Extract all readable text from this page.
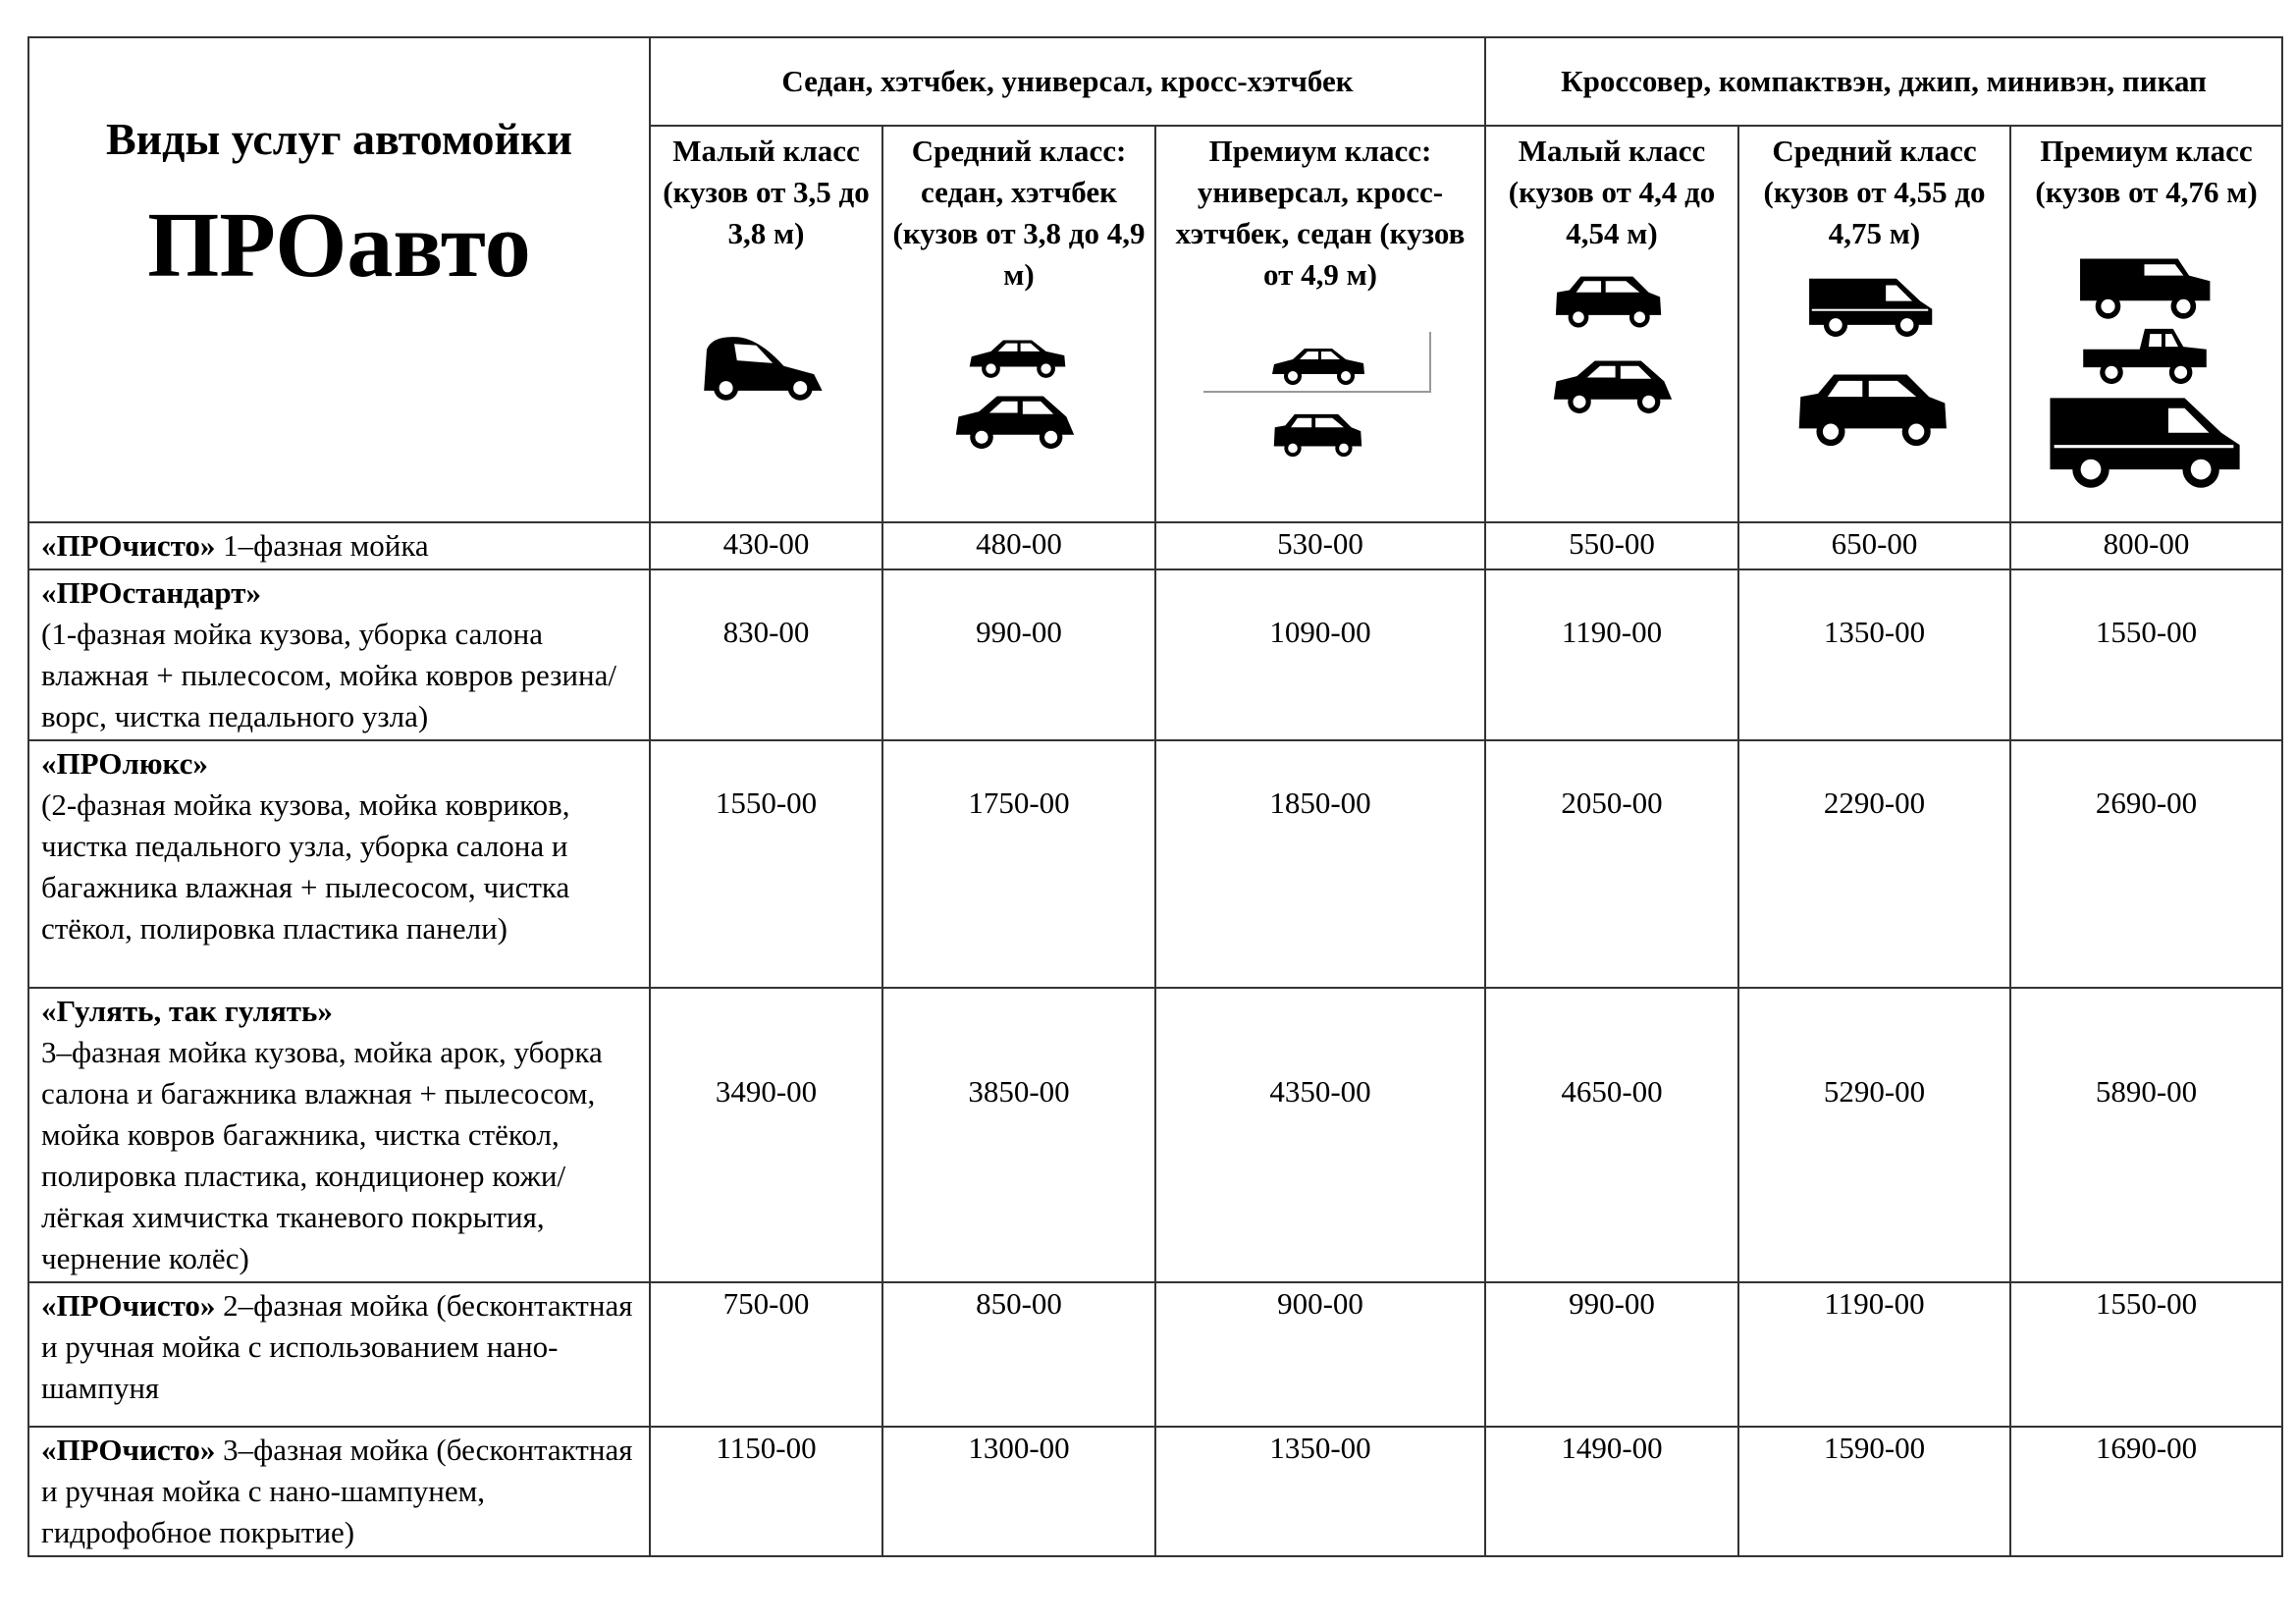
Виды услуг автомойки
ПРОавто	Седан, хэтчбек, универсал, кросс-хэтчбек			Кроссовер, компактвэн, джип, минивэн, пикап		
	Малый класс (кузов от 3,5 до 3,8 м)	Средний класс: седан, хэтчбек (кузов от 3,8 до 4,9 м)	Премиум класс: универсал, кросс-хэтчбек, седан (кузов от 4,9 м)	Малый класс (кузов от 4,4 до 4,54 м)	Средний класс (кузов от 4,55 до 4,75 м)	Премиум класс (кузов от 4,76 м)
«ПРОчисто» 1–фазная мойка	430-00	480-00	530-00	550-00	650-00	800-00
«ПРОстандарт»
(1-фазная мойка кузова, уборка салона влажная + пылесосом, мойка ковров резина/ворс, чистка педального узла)	830-00	990-00	1090-00	1190-00	1350-00	1550-00
«ПРОлюкс»
(2-фазная мойка кузова, мойка ковриков, чистка педального узла, уборка салона и багажника влажная + пылесосом, чистка стёкол, полировка пластика панели)	1550-00	1750-00	1850-00	2050-00	2290-00	2690-00
«Гулять, так гулять»
3–фазная мойка кузова, мойка арок, уборка салона и багажника влажная + пылесосом, мойка ковров багажника, чистка стёкол, полировка пластика, кондиционер кожи/лёгкая химчистка тканевого покрытия, чернение колёс)	3490-00	3850-00	4350-00	4650-00	5290-00	5890-00
«ПРОчисто» 2–фазная мойка (бесконтактная и ручная мойка с использованием нано-шампуня	750-00	850-00	900-00	990-00	1190-00	1550-00
«ПРОчисто» 3–фазная мойка (бесконтактная и ручная мойка с нано-шампунем, гидрофобное покрытие)	1150-00	1300-00	1350-00	1490-00	1590-00	1690-00
